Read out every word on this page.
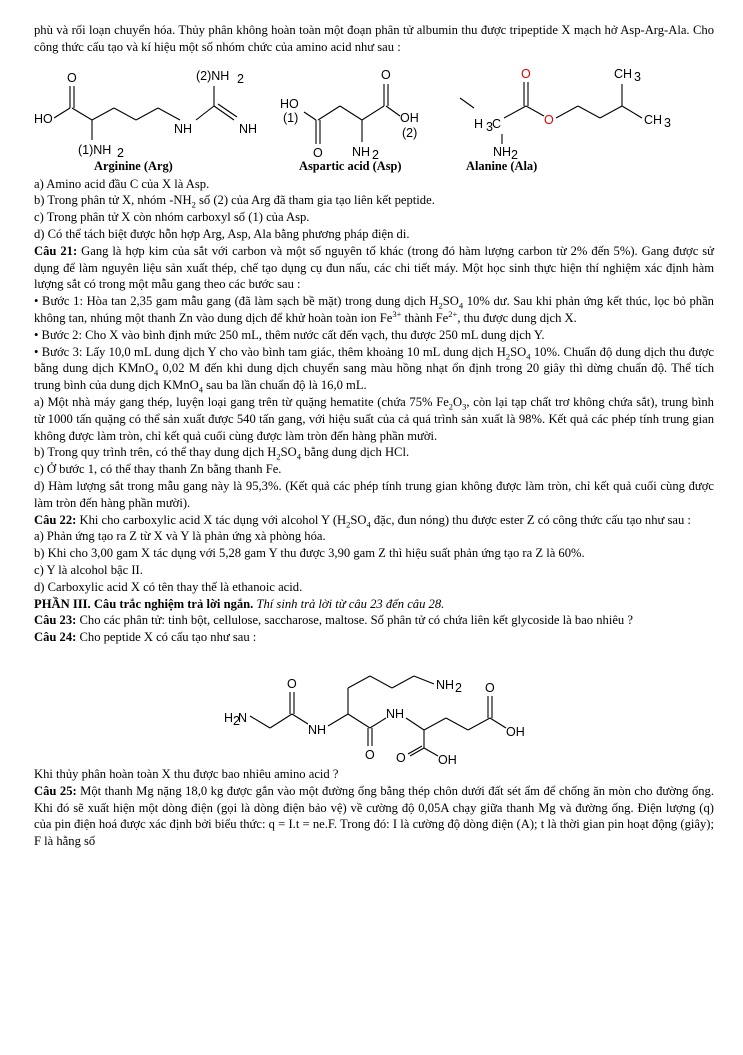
phù và rối loạn chuyển hóa. Thủy phân không hoàn toàn một đoạn phân tử albumin thu được tripeptide X mạch hở Asp-Arg-Ala. Cho công thức cấu tạo và kí hiệu một số nhóm chức của amino acid như sau :

HO
O
(1)NH 2
NH
(2)NH 2
NH
HO
(1)
O NH 2
O
OH
(2)
H 3 C
NH 2
O
O
CH 3
CH 3
Arginine (Arg)	Aspartic acid (Asp)	Alanine (Ala)

a) Amino acid đầu C của X là Asp.

b) Trong phân tử X, nhóm $-NH_2$ số (2) của Arg đã tham gia tạo liên kết peptide.

c) Trong phân tử X còn nhóm carboxyl số (1) của Asp.

d) Có thể tách biệt được hỗn hợp Arg, Asp, Ala bằng phương pháp điện di.

Câu 21: Gang là hợp kim của sắt với carbon và một số nguyên tố khác (trong đó hàm lượng carbon từ 2% đến 5%). Gang được sử dụng để làm nguyên liệu sản xuất thép, chế tạo dụng cụ đun nấu, các chi tiết máy. Một học sinh thực hiện thí nghiệm xác định hàm lượng sắt có trong một mẫu gang theo các bước sau :

• Bước 1: Hòa tan 2,35 gam mẫu gang (đã làm sạch bề mặt) trong dung dịch $H_2SO_4$ 10% dư. Sau khi phản ứng kết thúc, lọc bỏ phần không tan, nhúng một thanh Zn vào dung dịch để khử hoàn toàn ion $Fe^{3+}$ thành $Fe^{2+}$, thu được dung dịch X.

• Bước 2: Cho X vào bình định mức 250 mL, thêm nước cất đến vạch, thu được 250 mL dung dịch Y.

• Bước 3: Lấy 10,0 mL dung dịch Y cho vào bình tam giác, thêm khoảng 10 mL dung dịch $H_2SO_4$ 10%. Chuẩn độ dung dịch thu được bằng dung dịch KMnO$_4$ 0,02 M đến khi dung dịch chuyển sang màu hồng nhạt ổn định trong 20 giây thì dừng chuẩn độ. Thể tích trung bình của dung dịch KMnO$_4$ sau ba lần chuẩn độ là 16,0 mL.

a) Một nhà máy gang thép, luyện loại gang trên từ quặng hematite (chứa 75% $Fe_2O_3$, còn lại tạp chất trơ không chứa sắt), trung bình từ 1000 tấn quặng có thể sản xuất được 540 tấn gang, với hiệu suất của cả quá trình sản xuất là 98%. Kết quả các phép tính trung gian không được làm tròn, chỉ kết quả cuối cùng được làm tròn đến hàng phần mười.

b) Trong quy trình trên, có thể thay dung dịch $H_2SO_4$ bằng dung dịch HCl.

c) Ở bước 1, có thể thay thanh Zn bằng thanh Fe.

d) Hàm lượng sắt trong mẫu gang này là 95,3%. (Kết quả các phép tính trung gian không được làm tròn, chỉ kết quả cuối cùng được làm tròn đến hàng phần mười).

Câu 22: Khi cho carboxylic acid X tác dụng với alcohol Y ($H_2SO_4$ đặc, đun nóng) thu được ester Z có công thức cấu tạo như sau :

a) Phản ứng tạo ra Z từ X và Y là phản ứng xà phòng hóa.

b) Khi cho 3,00 gam X tác dụng với 5,28 gam Y thu được 3,90 gam Z thì hiệu suất phản ứng tạo ra Z là 60%.

c) Y là alcohol bậc II.

d) Carboxylic acid X có tên thay thế là ethanoic acid.

PHẦN III. Câu trắc nghiệm trả lời ngắn. Thí sinh trả lời từ câu 23 đến câu 28.

Câu 23: Cho các phân tử: tinh bột, cellulose, saccharose, maltose. Số phân tử có chứa liên kết glycoside là bao nhiêu ?

Câu 24: Cho peptide X có cấu tạo như sau :

H 2
N
O
NH
NH 2
O
NH
O	OH
O
OH

Khi thủy phân hoàn toàn X thu được bao nhiêu amino acid ?

Câu 25: Một thanh Mg nặng 18,0 kg được gắn vào một đường ống bằng thép chôn dưới đất sét ẩm để chống ăn mòn cho đường ống. Khi đó sẽ xuất hiện một dòng điện (gọi là dòng điện bảo vệ) về cường độ 0,05A chạy giữa thanh Mg và đường ống. Điện lượng (q) của pin điện hoá được xác định bởi biểu thức: q = I.t = ne.F. Trong đó: I là cường độ dòng điện (A); t là thời gian pin hoạt động (giây); F là hằng số
